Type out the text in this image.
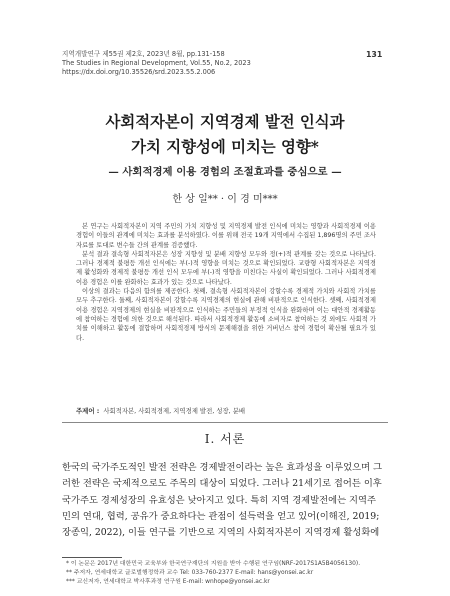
지역개발연구 제55권 제2호, 2023년 8월, pp.131-158
The Studies in Regional Development, Vol.55, No.2, 2023
https://dx.doi.org/10.35526/srd.2023.55.2.006
131
사회적자본이 지역경제 발전 인식과
가치 지향성에 미치는 영향*
— 사회적경제 이용 경험의 조절효과를 중심으로 —
한 상 일** · 이 경 미***

본 연구는 사회적자본이 지역 주민의 가치 지향성 및 지역경제 발전 인식에 미치는 영향과 사회적경제 이용 경험이 이들의 관계에 미치는 효과를 분석하였다. 이를 위해 전국 19개 지역에서 수집된 1,896명의 주민 조사 자료를 토대로 변수들 간의 관계를 검증했다.

분석 결과 결속형 사회적자본은 성장 지향성 및 분배 지향성 모두와 정(+)적 관계를 갖는 것으로 나타났다. 그러나 경제적 불평등 개선 인식에는 부(-)적 영향을 미치는 것으로 확인되었다. 교량형 사회적자본은 지역경제 활성화와 경제적 불평등 개선 인식 모두에 부(-)적 영향을 미친다는 사실이 확인되었다. 그러나 사회적경제 이용 경험은 이를 완화하는 효과가 있는 것으로 나타났다.

이상의 결과는 다음의 함의를 제공한다. 첫째, 결속형 사회적자본이 강할수록 경제적 가치와 사회적 가치를 모두 추구한다. 둘째, 사회적자본이 강할수록 지역경제의 현실에 관해 비판적으로 인식한다. 셋째, 사회적경제 이용 경험은 지역경제의 현실을 비판적으로 인식하는 주민들의 부정적 인식을 완화하며 이는 대안적 경제활동에 참여하는 경험에 의한 것으로 해석된다. 따라서 사회적경제 활동에 소비자로 참여하는 것 외에도 사회적 가치를 이해하고 활동에 결합하며 사회적경제 방식의 문제해결을 위한 거버넌스 참여 경험이 확산될 필요가 있다.

주제어 : 사회적자본, 사회적경제, 지역경제 발전, 성장, 분배
Ⅰ. 서론
한국의 국가주도적인 발전 전략은 경제발전이라는 높은 효과성을 이루었으며 그
러한 전략은 국제적으로도 주목의 대상이 되었다. 그러나 21세기로 접어든 이후
국가주도 경제성장의 유효성은 낮아지고 있다. 특히 지역 경제발전에는 지역주
민의 연대, 협력, 공유가 중요하다는 관점이 설득력을 얻고 있어(이해진, 2019;
장종익, 2022), 이들 연구를 기반으로 지역의 사회적자본이 지역경제 활성화에
* 이 논문은 2017년 대한민국 교육부와 한국연구재단의 지원을 받아 수행된 연구임(NRF-2017S1A5B4056130).
** 주저자, 연세대학교 글로벌행정학과 교수 Tel: 033-760-2377 E-mail: hans@yonsei.ac.kr
*** 교신저자, 연세대학교 박사후과정 연구원 E-mail: wnhope@yonsei.ac.kr
